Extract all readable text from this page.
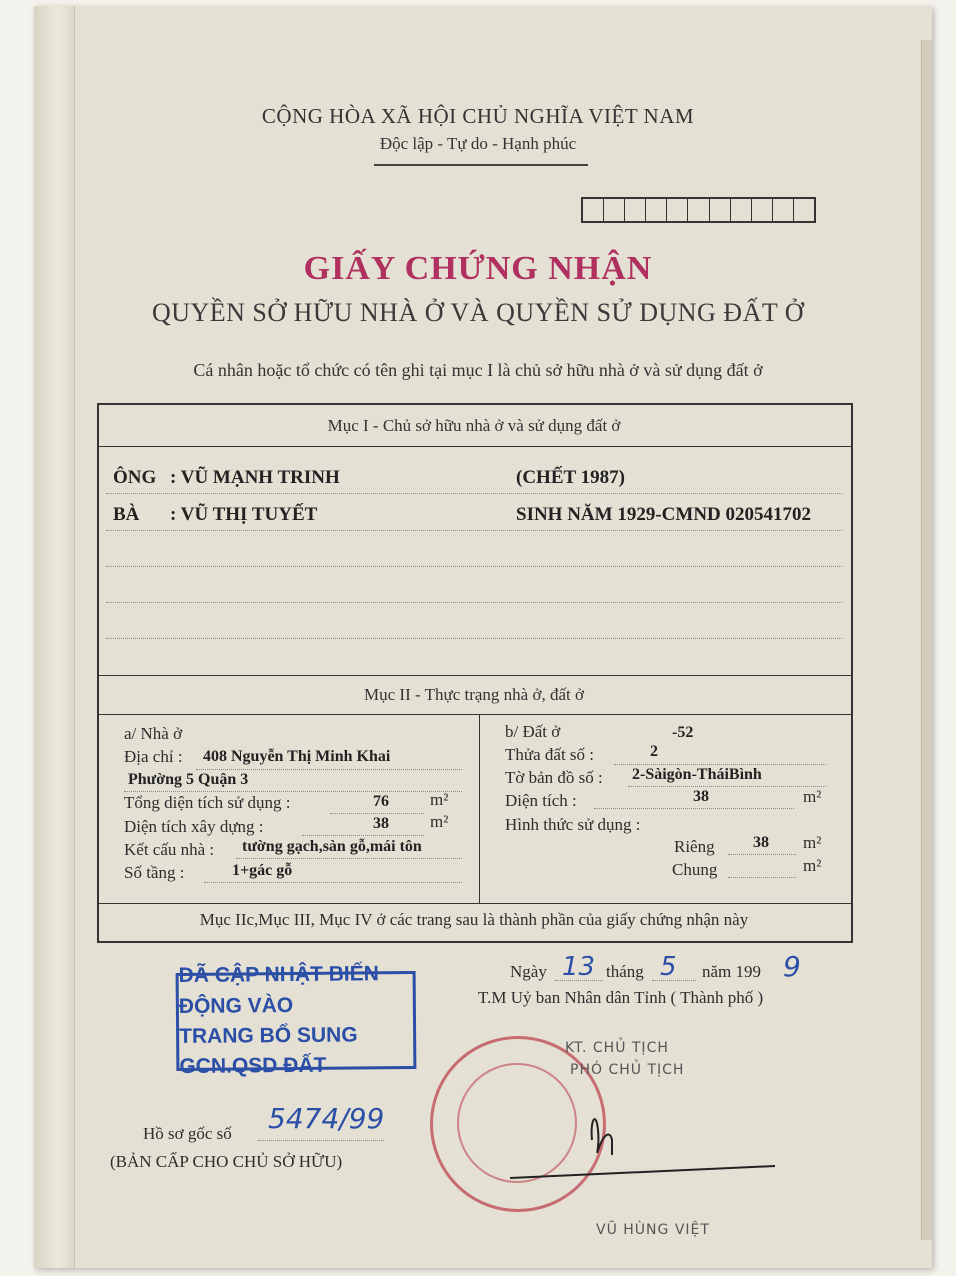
CỘNG HÒA XÃ HỘI CHỦ NGHĨA VIỆT NAM
Độc lập - Tự do - Hạnh phúc
GIẤY CHỨNG NHẬN
QUYỀN SỞ HỮU NHÀ Ở VÀ QUYỀN SỬ DỤNG ĐẤT Ở
Cá nhân hoặc tổ chức có tên ghi tại mục I là chủ sở hữu nhà ở và sử dụng đất ở
Mục I - Chủ sở hữu nhà ở và sử dụng đất ở
ÔNG : VŨ MẠNH TRINH	(CHẾT 1987)
BÀ : VŨ THỊ TUYẾT	SINH NĂM 1929-CMND 020541702
Mục II - Thực trạng nhà ở, đất ở
a/ Nhà ở
Địa chỉ : 408 Nguyễn Thị Minh Khai
Phường 5 Quận 3
Tổng diện tích sử dụng :	76 m²
Diện tích xây dựng :	38 m²
Kết cấu nhà : tường gạch,sàn gỗ,mái tôn
Số tầng :	1+gác gỗ
b/ Đất ở	-52
Thửa đất số :	2
Tờ bản đồ số : 2-Sàigòn-TháiBình
Diện tích :	38	m²
Hình thức sử dụng :
Riêng 38 m²
Chung	m²
Mục IIc,Mục III, Mục IV ở các trang sau là thành phần của giấy chứng nhận này
Ngày 13 tháng 5 năm 199 9
T.M Uỷ ban Nhân dân Tỉnh ( Thành phố )
ĐÃ CẬP NHẬT BIẾN ĐỘNG VÀO
TRANG BỔ SUNG GCN.QSD ĐẤT
KT. CHỦ TỊCH
PHÓ CHỦ TỊCH
VŨ HÙNG VIỆT
Hồ sơ gốc số 5474/99
(BẢN CẤP CHO CHỦ SỞ HỮU)
